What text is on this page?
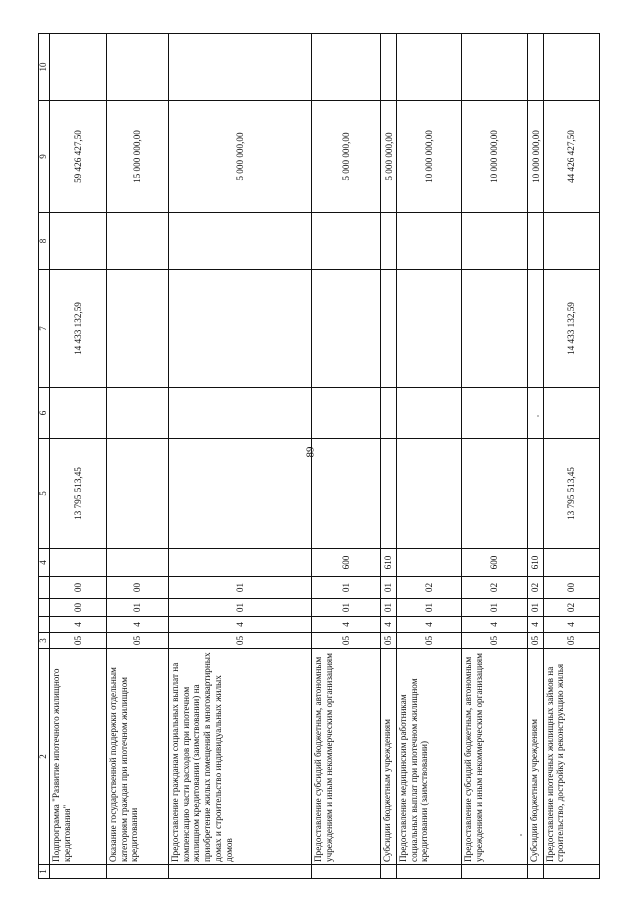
89
1	2	3				4	5	6	7	8	9	10
	Подпрограмма "Развитие ипотечного жилищного кредитования"	05	4	00	00		13 795 513,45		14 433 132,59		59 426 427,50	
	Оказание государственной поддержки отдельным категориям граждан при ипотечном жилищном кредитовании	05	4	01	00						15 000 000,00	
	Предоставление гражданам социальных выплат на компенсацию части расходов при ипотечном жилищном кредитовании (заимствовании) на приобретение жилых помещений в многоквартирных домах и строительство индивидуальных жилых домов	05	4	01	01						5 000 000,00	
	Предоставление субсидий бюджетным, автономным учреждениям и иным некоммерческим организациям	05	4	01	01	600					5 000 000,00	
	Субсидии бюджетным учреждениям	05	4	01	01	610					5 000 000,00	
	Предоставление медицинским работникам социальных выплат при ипотечном жилищном кредитовании (заимствовании)	05	4	01	02						10 000 000,00	
	Предоставление субсидий бюджетным, автономным учреждениям и иным некоммерческим организациям	05	4	01	02	600					10 000 000,00	
	Субсидии бюджетным учреждениям	05	4	01	02	610					10 000 000,00	
	Предоставление ипотечных жилищных займов на строительство, достройку и реконструкцию жилья	05	4	02	00		13 795 513,45		14 433 132,59		44 426 427,50	
